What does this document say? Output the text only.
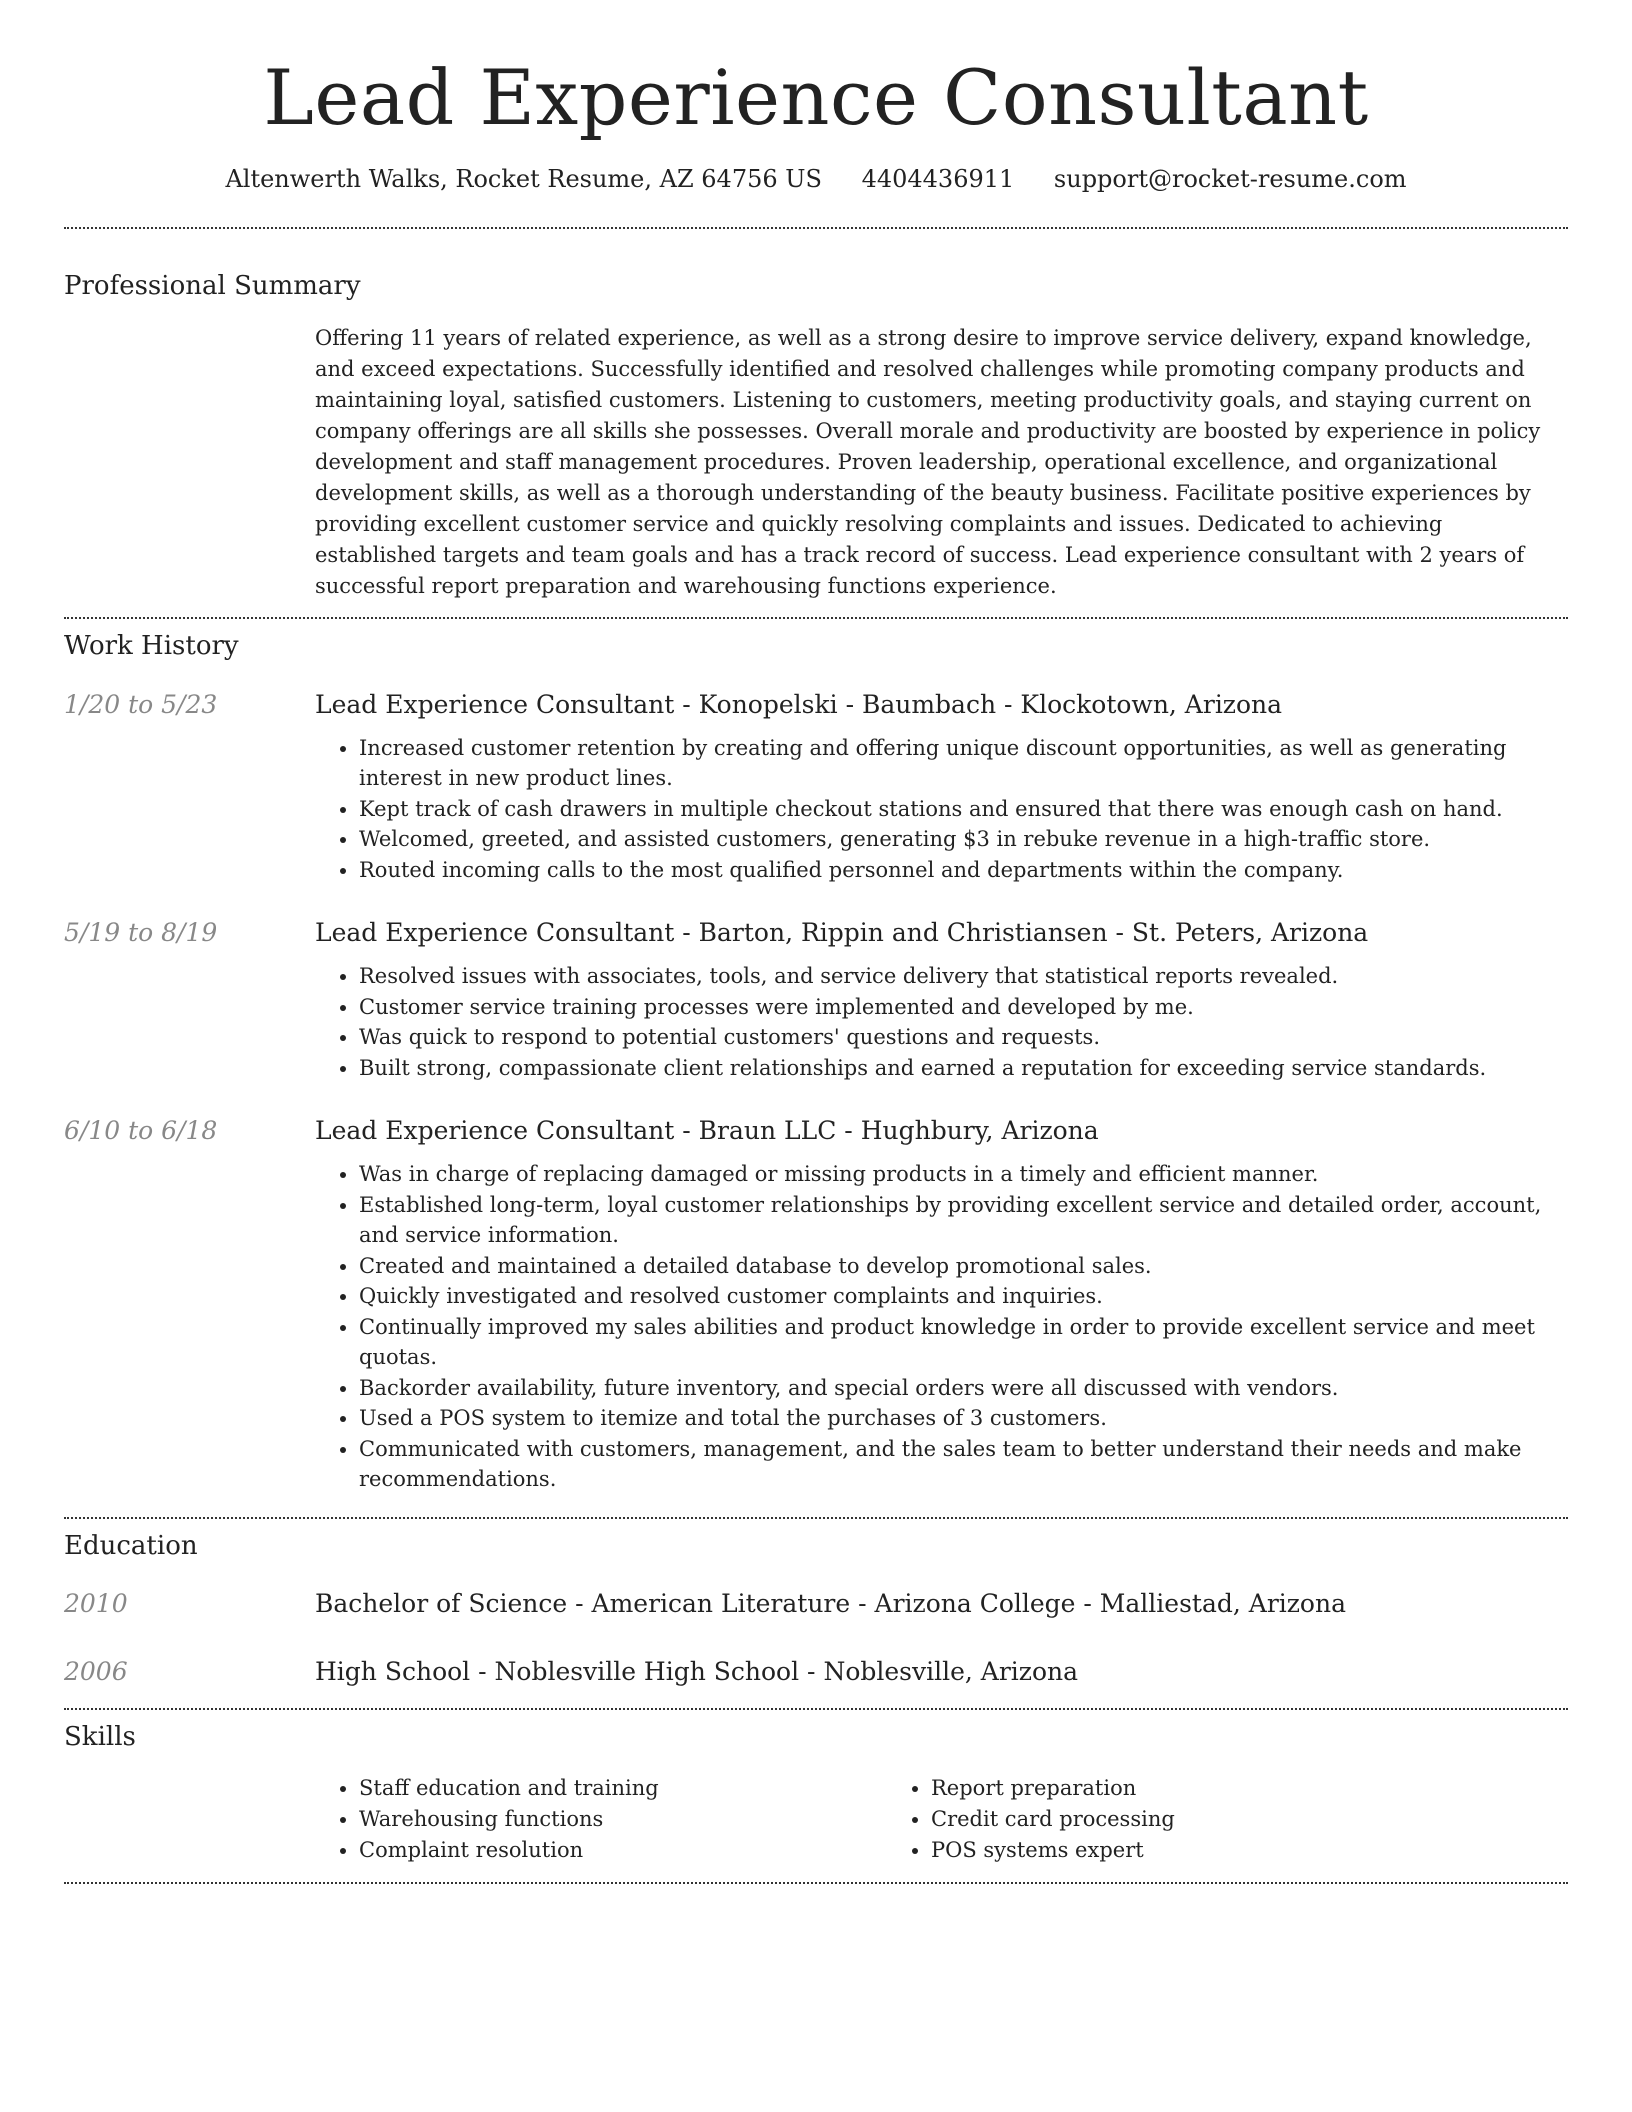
Lead Experience Consultant
Altenwerth Walks, Rocket Resume, AZ 64756 US 4404436911 support@rocket-resume.com
Professional Summary

Offering 11 years of related experience, as well as a strong desire to improve service delivery, expand knowledge, and exceed expectations. Successfully identified and resolved challenges while promoting company products and maintaining loyal, satisfied customers. Listening to customers, meeting productivity goals, and staying current on company offerings are all skills she possesses. Overall morale and productivity are boosted by experience in policy development and staff management procedures. Proven leadership, operational excellence, and organizational development skills, as well as a thorough understanding of the beauty business. Facilitate positive experiences by providing excellent customer service and quickly resolving complaints and issues. Dedicated to achieving established targets and team goals and has a track record of success. Lead experience consultant with 2 years of successful report preparation and warehousing functions experience.

Work History
1/20 to 5/23	Lead Experience Consultant - Konopelski - Baumbach - Klockotown, Arizona
• Increased customer retention by creating and offering unique discount opportunities, as well as generating interest in new product lines.
• Kept track of cash drawers in multiple checkout stations and ensured that there was enough cash on hand.
• Welcomed, greeted, and assisted customers, generating $3 in rebuke revenue in a high-traffic store.
• Routed incoming calls to the most qualified personnel and departments within the company.
5/19 to 8/19	Lead Experience Consultant - Barton, Rippin and Christiansen - St. Peters, Arizona
• Resolved issues with associates, tools, and service delivery that statistical reports revealed.
• Customer service training processes were implemented and developed by me.
• Was quick to respond to potential customers' questions and requests.
• Built strong, compassionate client relationships and earned a reputation for exceeding service standards.
6/10 to 6/18	Lead Experience Consultant - Braun LLC - Hughbury, Arizona
• Was in charge of replacing damaged or missing products in a timely and efficient manner.
• Established long-term, loyal customer relationships by providing excellent service and detailed order, account, and service information.
• Created and maintained a detailed database to develop promotional sales.
• Quickly investigated and resolved customer complaints and inquiries.
• Continually improved my sales abilities and product knowledge in order to provide excellent service and meet quotas.
• Backorder availability, future inventory, and special orders were all discussed with vendors.
• Used a POS system to itemize and total the purchases of 3 customers.
• Communicated with customers, management, and the sales team to better understand their needs and make recommendations.
Education
2010	Bachelor of Science - American Literature - Arizona College - Malliestad, Arizona
2006	High School - Noblesville High School - Noblesville, Arizona
Skills
• Staff education and training
• Warehousing functions
• Complaint resolution
• Report preparation
• Credit card processing
• POS systems expert
